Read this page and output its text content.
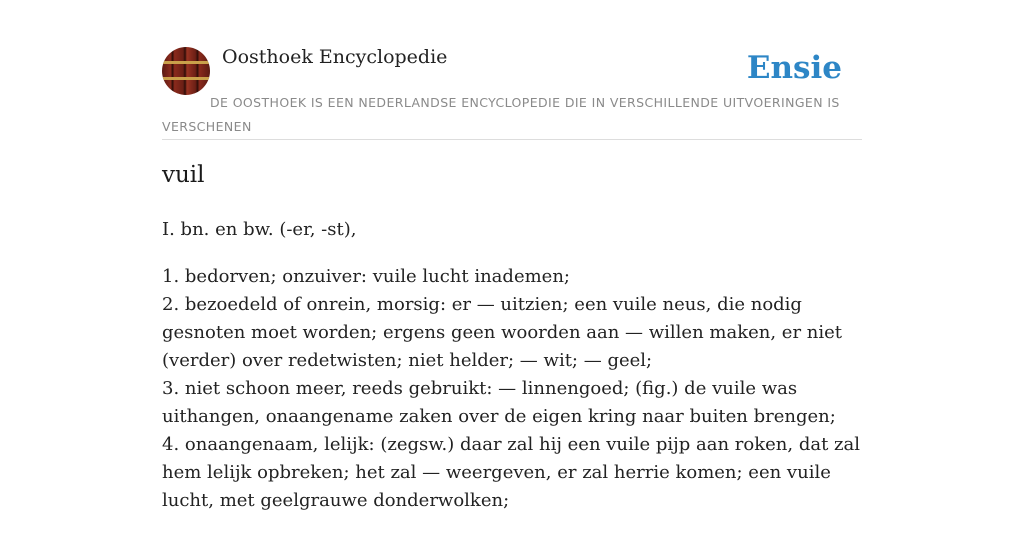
Oosthoek Encyclopedie	Ensie
DE OOSTHOEK IS EEN NEDERLANDSE ENCYCLOPEDIE DIE IN VERSCHILLENDE UITVOERINGEN IS VERSCHENEN
vuil

I. bn. en bw. (-er, -st),

1. bedorven; onzuiver: vuile lucht inademen;
2. bezoedeld of onrein, morsig: er — uitzien; een vuile neus, die nodig gesnoten moet worden; ergens geen woorden aan — willen maken, er niet (verder) over redetwisten; niet helder; — wit; — geel;
3. niet schoon meer, reeds gebruikt: — linnengoed; (fig.) de vuile was uithangen, onaangename zaken over de eigen kring naar buiten brengen;
4. onaangenaam, lelijk: (zegsw.) daar zal hij een vuile pijp aan roken, dat zal hem lelijk opbreken; het zal — weergeven, er zal herrie komen; een vuile lucht, met geelgrauwe donderwolken;
